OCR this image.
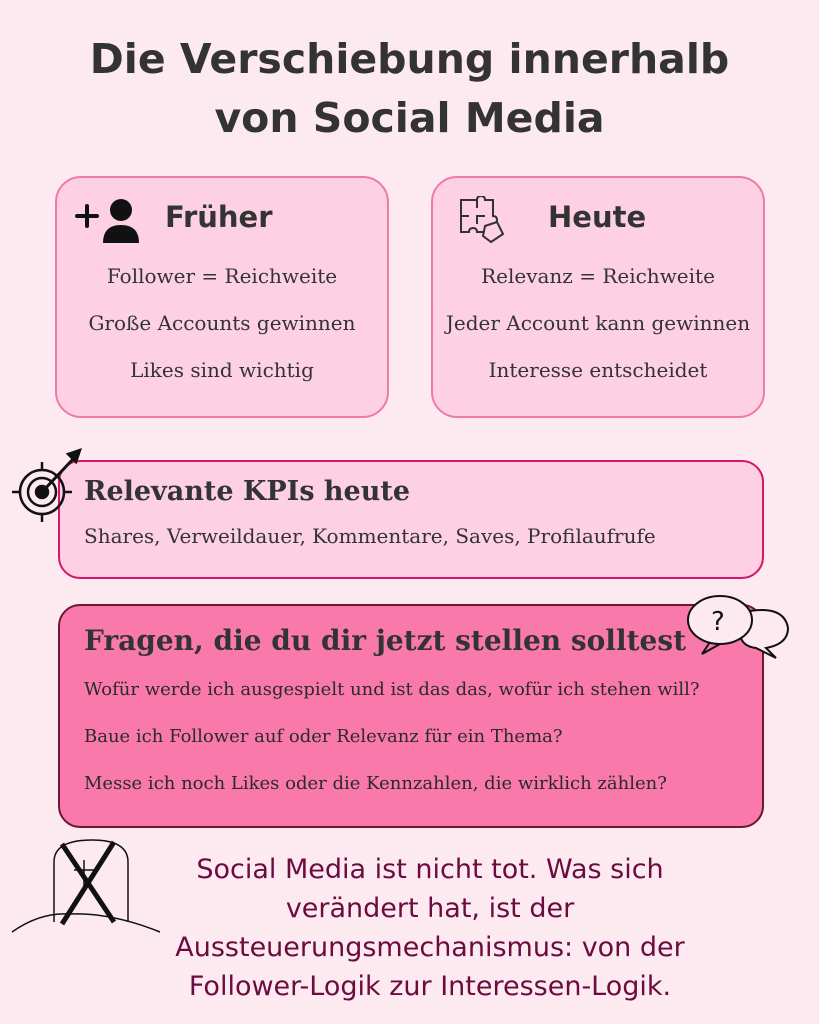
Die Verschiebung innerhalb
von Social Media
Früher
Follower = Reichweite
Große Accounts gewinnen
Likes sind wichtig
Heute
Relevanz = Reichweite
Jeder Account kann gewinnen
Interesse entscheidet
Relevante KPIs heute
Shares, Verweildauer, Kommentare, Saves, Profilaufrufe
Fragen, die du dir jetzt stellen solltest
Wofür werde ich ausgespielt und ist das das, wofür ich stehen will?
Baue ich Follower auf oder Relevanz für ein Thema?
Messe ich noch Likes oder die Kennzahlen, die wirklich zählen?
?
Social Media ist nicht tot. Was sich
verändert hat, ist der
Aussteuerungsmechanismus: von der
Follower-Logik zur Interessen-Logik.
